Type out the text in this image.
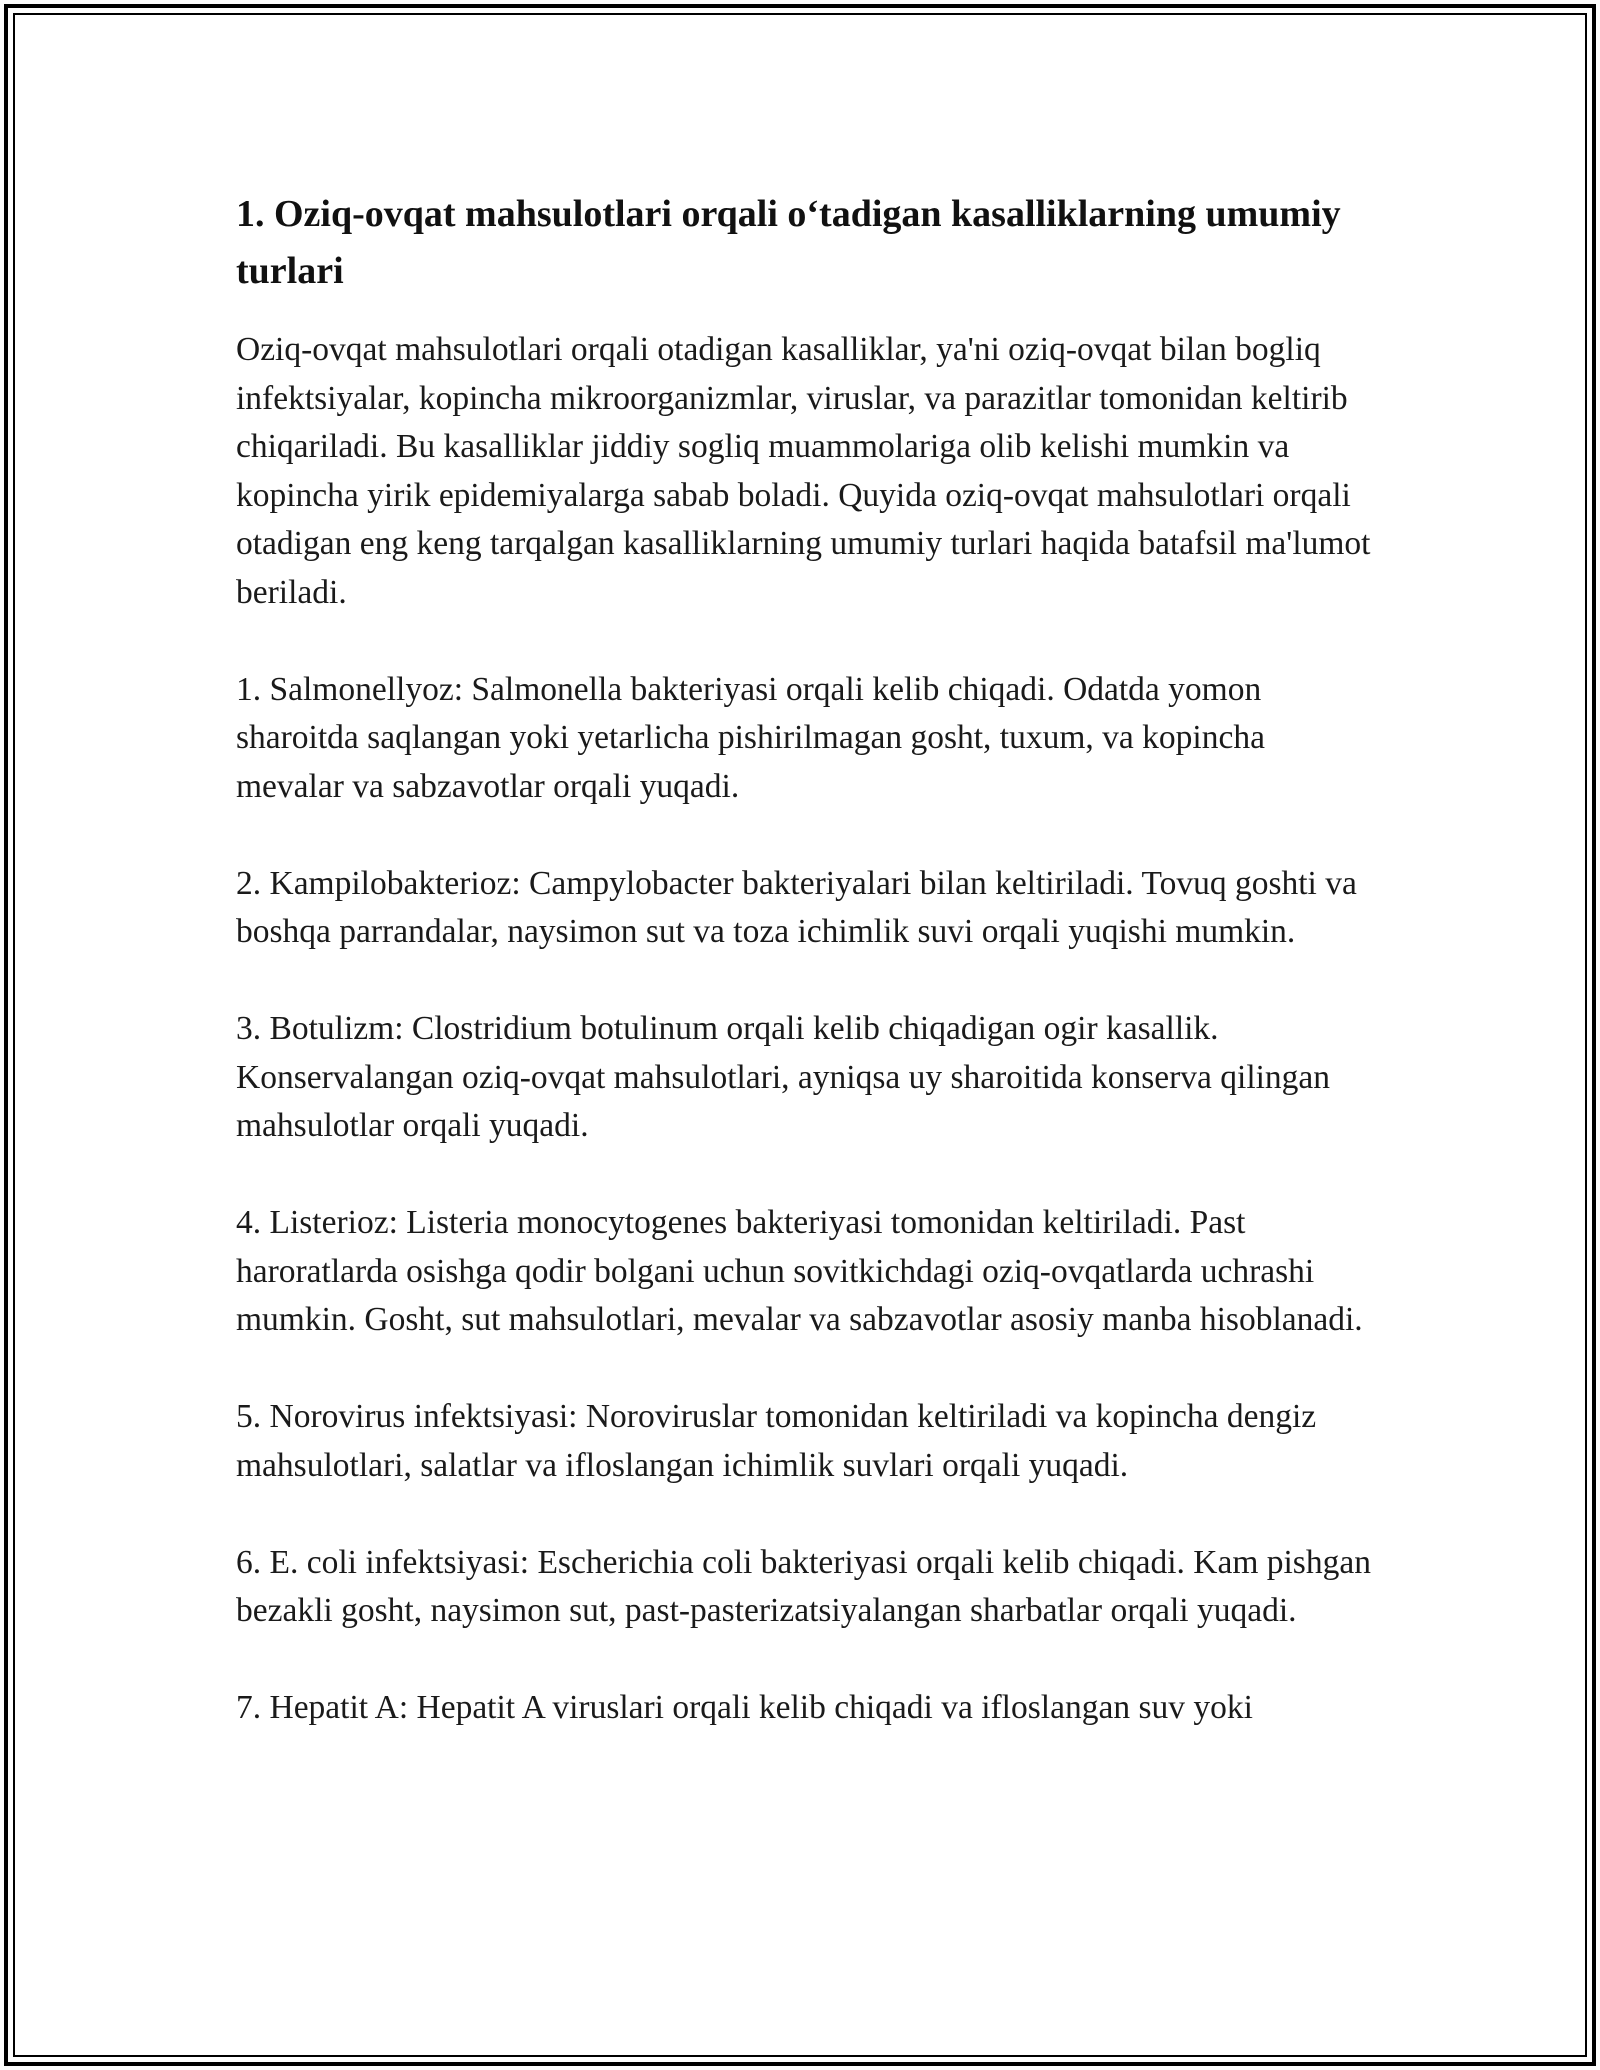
1. Oziq-ovqat mahsulotlari orqali o‘tadigan kasalliklarning umumiy turlari

Oziq-ovqat mahsulotlari orqali otadigan kasalliklar, ya'ni oziq-ovqat bilan bogliq infektsiyalar, kopincha mikroorganizmlar, viruslar, va parazitlar tomonidan keltirib chiqariladi. Bu kasalliklar jiddiy sogliq muammolariga olib kelishi mumkin va kopincha yirik epidemiyalarga sabab boladi. Quyida oziq-ovqat mahsulotlari orqali otadigan eng keng tarqalgan kasalliklarning umumiy turlari haqida batafsil ma'lumot beriladi.

1. Salmonellyoz: Salmonella bakteriyasi orqali kelib chiqadi. Odatda yomon sharoitda saqlangan yoki yetarlicha pishirilmagan gosht, tuxum, va kopincha mevalar va sabzavotlar orqali yuqadi.

2. Kampilobakterioz: Campylobacter bakteriyalari bilan keltiriladi. Tovuq goshti va boshqa parrandalar, naysimon sut va toza ichimlik suvi orqali yuqishi mumkin.

3. Botulizm: Clostridium botulinum orqali kelib chiqadigan ogir kasallik. Konservalangan oziq-ovqat mahsulotlari, ayniqsa uy sharoitida konserva qilingan mahsulotlar orqali yuqadi.

4. Listerioz: Listeria monocytogenes bakteriyasi tomonidan keltiriladi. Past haroratlarda osishga qodir bolgani uchun sovitkichdagi oziq-ovqatlarda uchrashi mumkin. Gosht, sut mahsulotlari, mevalar va sabzavotlar asosiy manba hisoblanadi.

5. Norovirus infektsiyasi: Noroviruslar tomonidan keltiriladi va kopincha dengiz mahsulotlari, salatlar va ifloslangan ichimlik suvlari orqali yuqadi.

6. E. coli infektsiyasi: Escherichia coli bakteriyasi orqali kelib chiqadi. Kam pishgan bezakli gosht, naysimon sut, past-pasterizatsiyalangan sharbatlar orqali yuqadi.

7. Hepatit A: Hepatit A viruslari orqali kelib chiqadi va ifloslangan suv yoki
